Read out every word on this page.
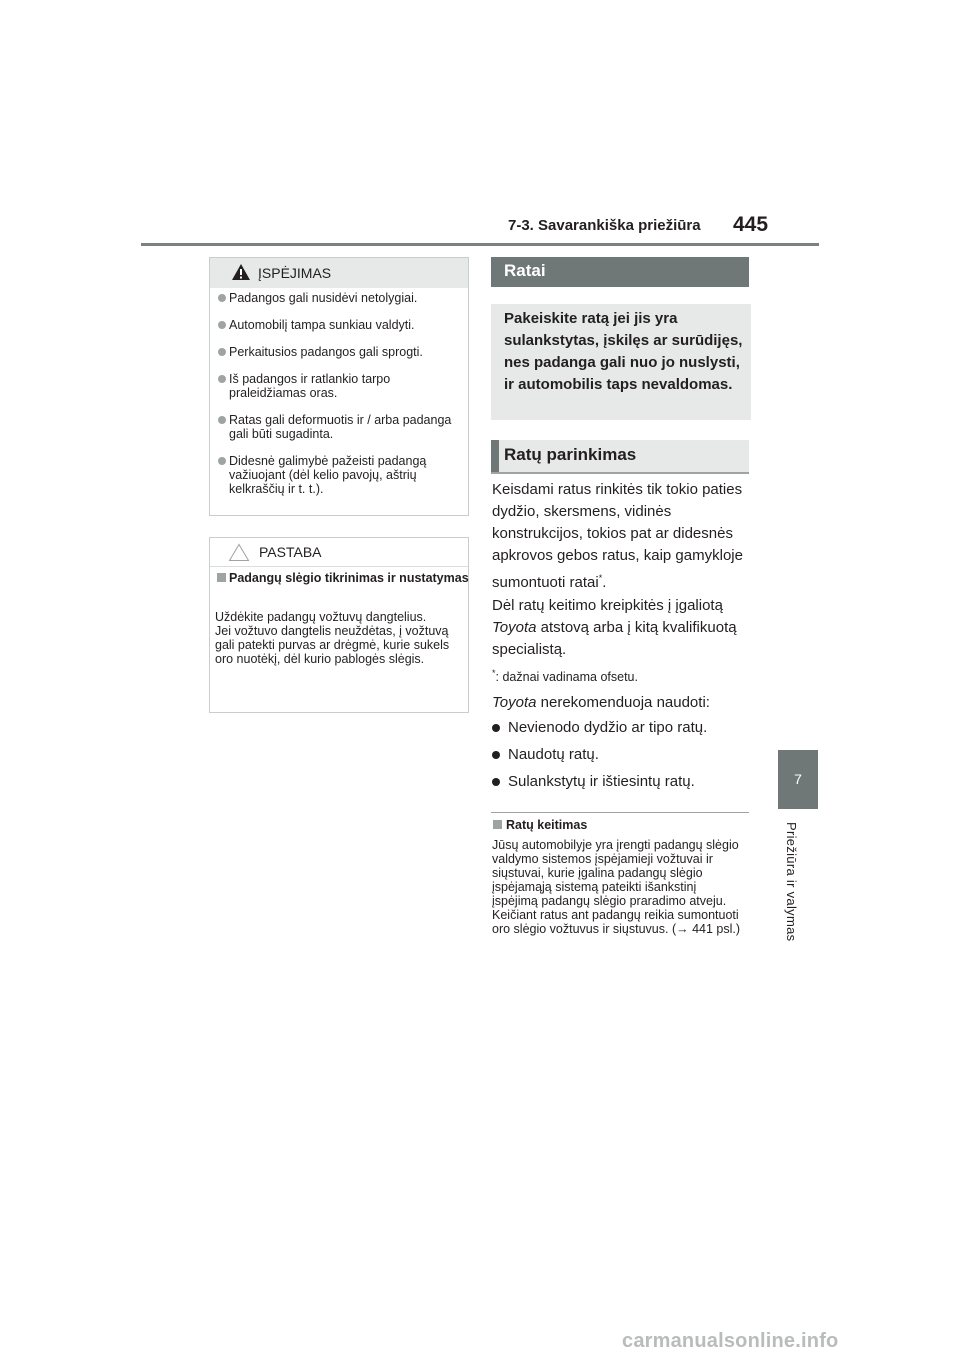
7-3. Savarankiška priežiūra 445
7
Priežiūra ir valymas
ĮSPĖJIMAS
Padangos gali nusidėvi netolygiai.
Automobilį tampa sunkiau valdyti.
Perkaitusios padangos gali sprogti.
Iš padangos ir ratlankio tarpo praleidžiamas oras.
Ratas gali deformuotis ir / arba padanga gali būti sugadinta.
Didesnė galimybė pažeisti padangą važiuojant (dėl kelio pavojų, aštrių kelkraščių ir t. t.).
PASTABA
Padangų slėgio tikrinimas ir nustatymas
Uždėkite padangų vožtuvų dangtelius.
Jei vožtuvo dangtelis neuždėtas, į vožtuvą gali patekti purvas ar drėgmė, kurie sukels oro nuotėkį, dėl kurio pablogės slėgis.
Ratai
Pakeiskite ratą jei jis yra sulankstytas, įskilęs ar surūdijęs, nes padanga gali nuo jo nuslysti, ir automobilis taps nevaldomas.
Ratų parinkimas
Keisdami ratus rinkitės tik tokio paties dydžio, skersmens, vidinės konstrukcijos, tokios pat ar didesnės apkrovos gebos ratus, kaip gamykloje sumontuoti ratai*.
Dėl ratų keitimo kreipkitės į įgaliotą Toyota atstovą arba į kitą kvalifikuotą specialistą.
*: dažnai vadinama ofsetu.
Toyota nerekomenduoja naudoti:
Nevienodo dydžio ar tipo ratų.
Naudotų ratų.
Sulankstytų ir ištiesintų ratų.
Ratų keitimas
Jūsų automobilyje yra įrengti padangų slėgio valdymo sistemos įspėjamieji vožtuvai ir siųstuvai, kurie įgalina padangų slėgio įspėjamąją sistemą pateikti išankstinį įspėjimą padangų slėgio praradimo atveju. Keičiant ratus ant padangų reikia sumontuoti oro slėgio vožtuvus ir siųstuvus. (→ 441 psl.)
carmanualsonline.info
